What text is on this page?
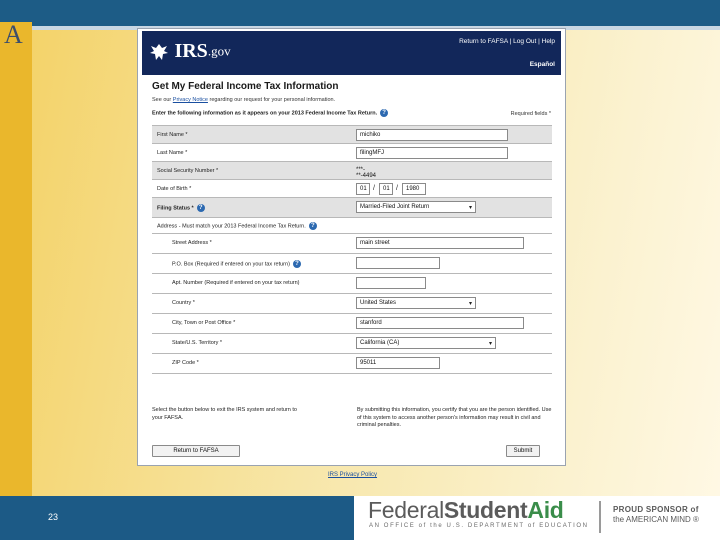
A
IRS.gov
Return to FAFSA | Log Out | Help
Español
Get My Federal Income Tax Information
See our Privacy Notice regarding our request for your personal information.
Enter the following information as it appears on your 2013 Federal Income Tax Return. ?	Required fields *
First Name *	michiko
Last Name *	filingMFJ
Social Security Number *	***-**-4494
Date of Birth *	01 /	01 /	1980
Filing Status * ?	Married-Filed Joint Return	▾
Address - Must match your 2013 Federal Income Tax Return. ?
Street Address *	main street
P.O. Box (Required if entered on your tax return) ?
Apt. Number (Required if entered on your tax return)
Country *	United States	▾
City, Town or Post Office *	stanford
State/U.S. Territory *	California (CA)	▾
ZIP Code *	95011
Select the button below to exit the IRS system and return to your FAFSA.
By submitting this information, you certify that you are the person identified. Use of this system to access another person's information may result in civil and criminal penalties.
Return to FAFSA	Submit
IRS Privacy Policy
23	FederalStudentAid
AN OFFICE of the U.S. DEPARTMENT of EDUCATION
PROUD SPONSOR of
the AMERICAN MIND ®
